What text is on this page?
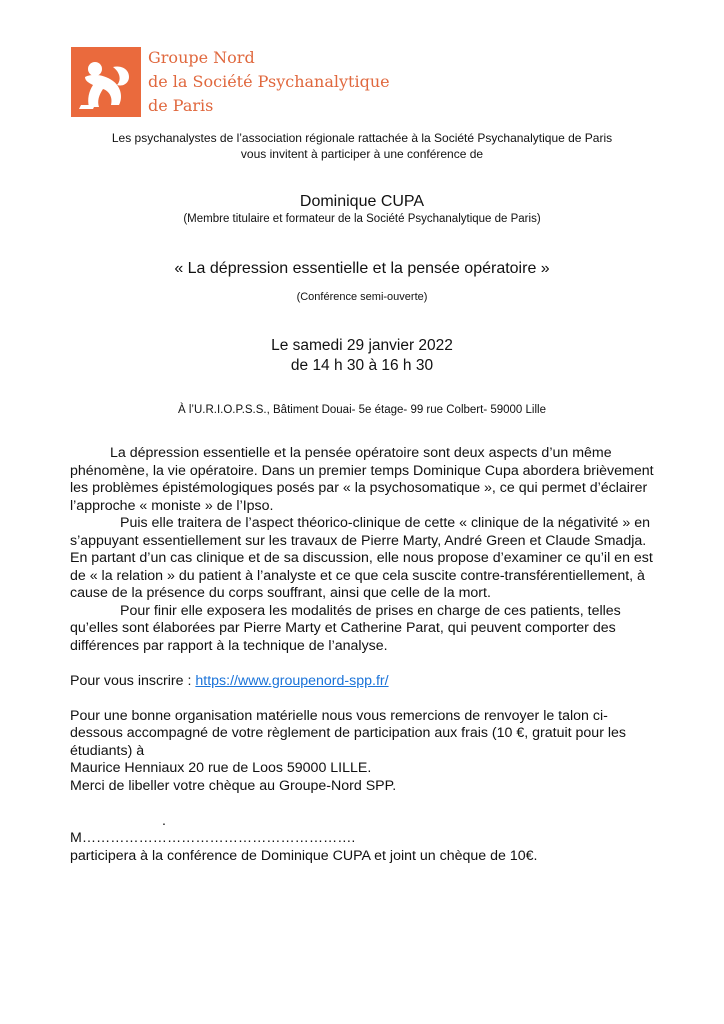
Groupe Nord
de la Société Psychanalytique
de Paris
Les psychanalystes de l’association régionale rattachée à la Société Psychanalytique de Paris
vous invitent à participer à une conférence de
Dominique CUPA
(Membre titulaire et formateur de la Société Psychanalytique de Paris)
« La dépression essentielle et la pensée opératoire »
(Conférence semi-ouverte)
Le samedi 29 janvier 2022
de 14 h 30 à 16 h 30
À l’U.R.I.O.P.S.S., Bâtiment Douai- 5e étage- 99 rue Colbert- 59000 Lille

La dépression essentielle et la pensée opératoire sont deux aspects d’un même phénomène, la vie opératoire. Dans un premier temps Dominique Cupa abordera brièvement les problèmes épistémologiques posés par « la psychosomatique », ce qui permet d’éclairer l’approche « moniste » de l’Ipso.

Puis elle traitera de l’aspect théorico-clinique de cette « clinique de la négativité » en s’appuyant essentiellement sur les travaux de Pierre Marty, André Green et Claude Smadja.

En partant d’un cas clinique et de sa discussion, elle nous propose d’examiner ce qu’il en est de « la relation » du patient à l’analyste et ce que cela suscite contre-transférentiellement, à cause de la présence du corps souffrant, ainsi que celle de la mort.

Pour finir elle exposera les modalités de prises en charge de ces patients, telles qu’elles sont élaborées par Pierre Marty et Catherine Parat, qui peuvent comporter des différences par rapport à la technique de l’analyse.

Pour vous inscrire : https://www.groupenord-spp.fr/

Pour une bonne organisation matérielle nous vous remercions de renvoyer le talon ci-dessous accompagné de votre règlement de participation aux frais (10 €, gratuit pour les étudiants) à

Maurice Henniaux 20 rue de Loos 59000 LILLE.

Merci de libeller votre chèque au Groupe-Nord SPP.

.

M………………………………………………….

participera à la conférence de Dominique CUPA et joint un chèque de 10€.
